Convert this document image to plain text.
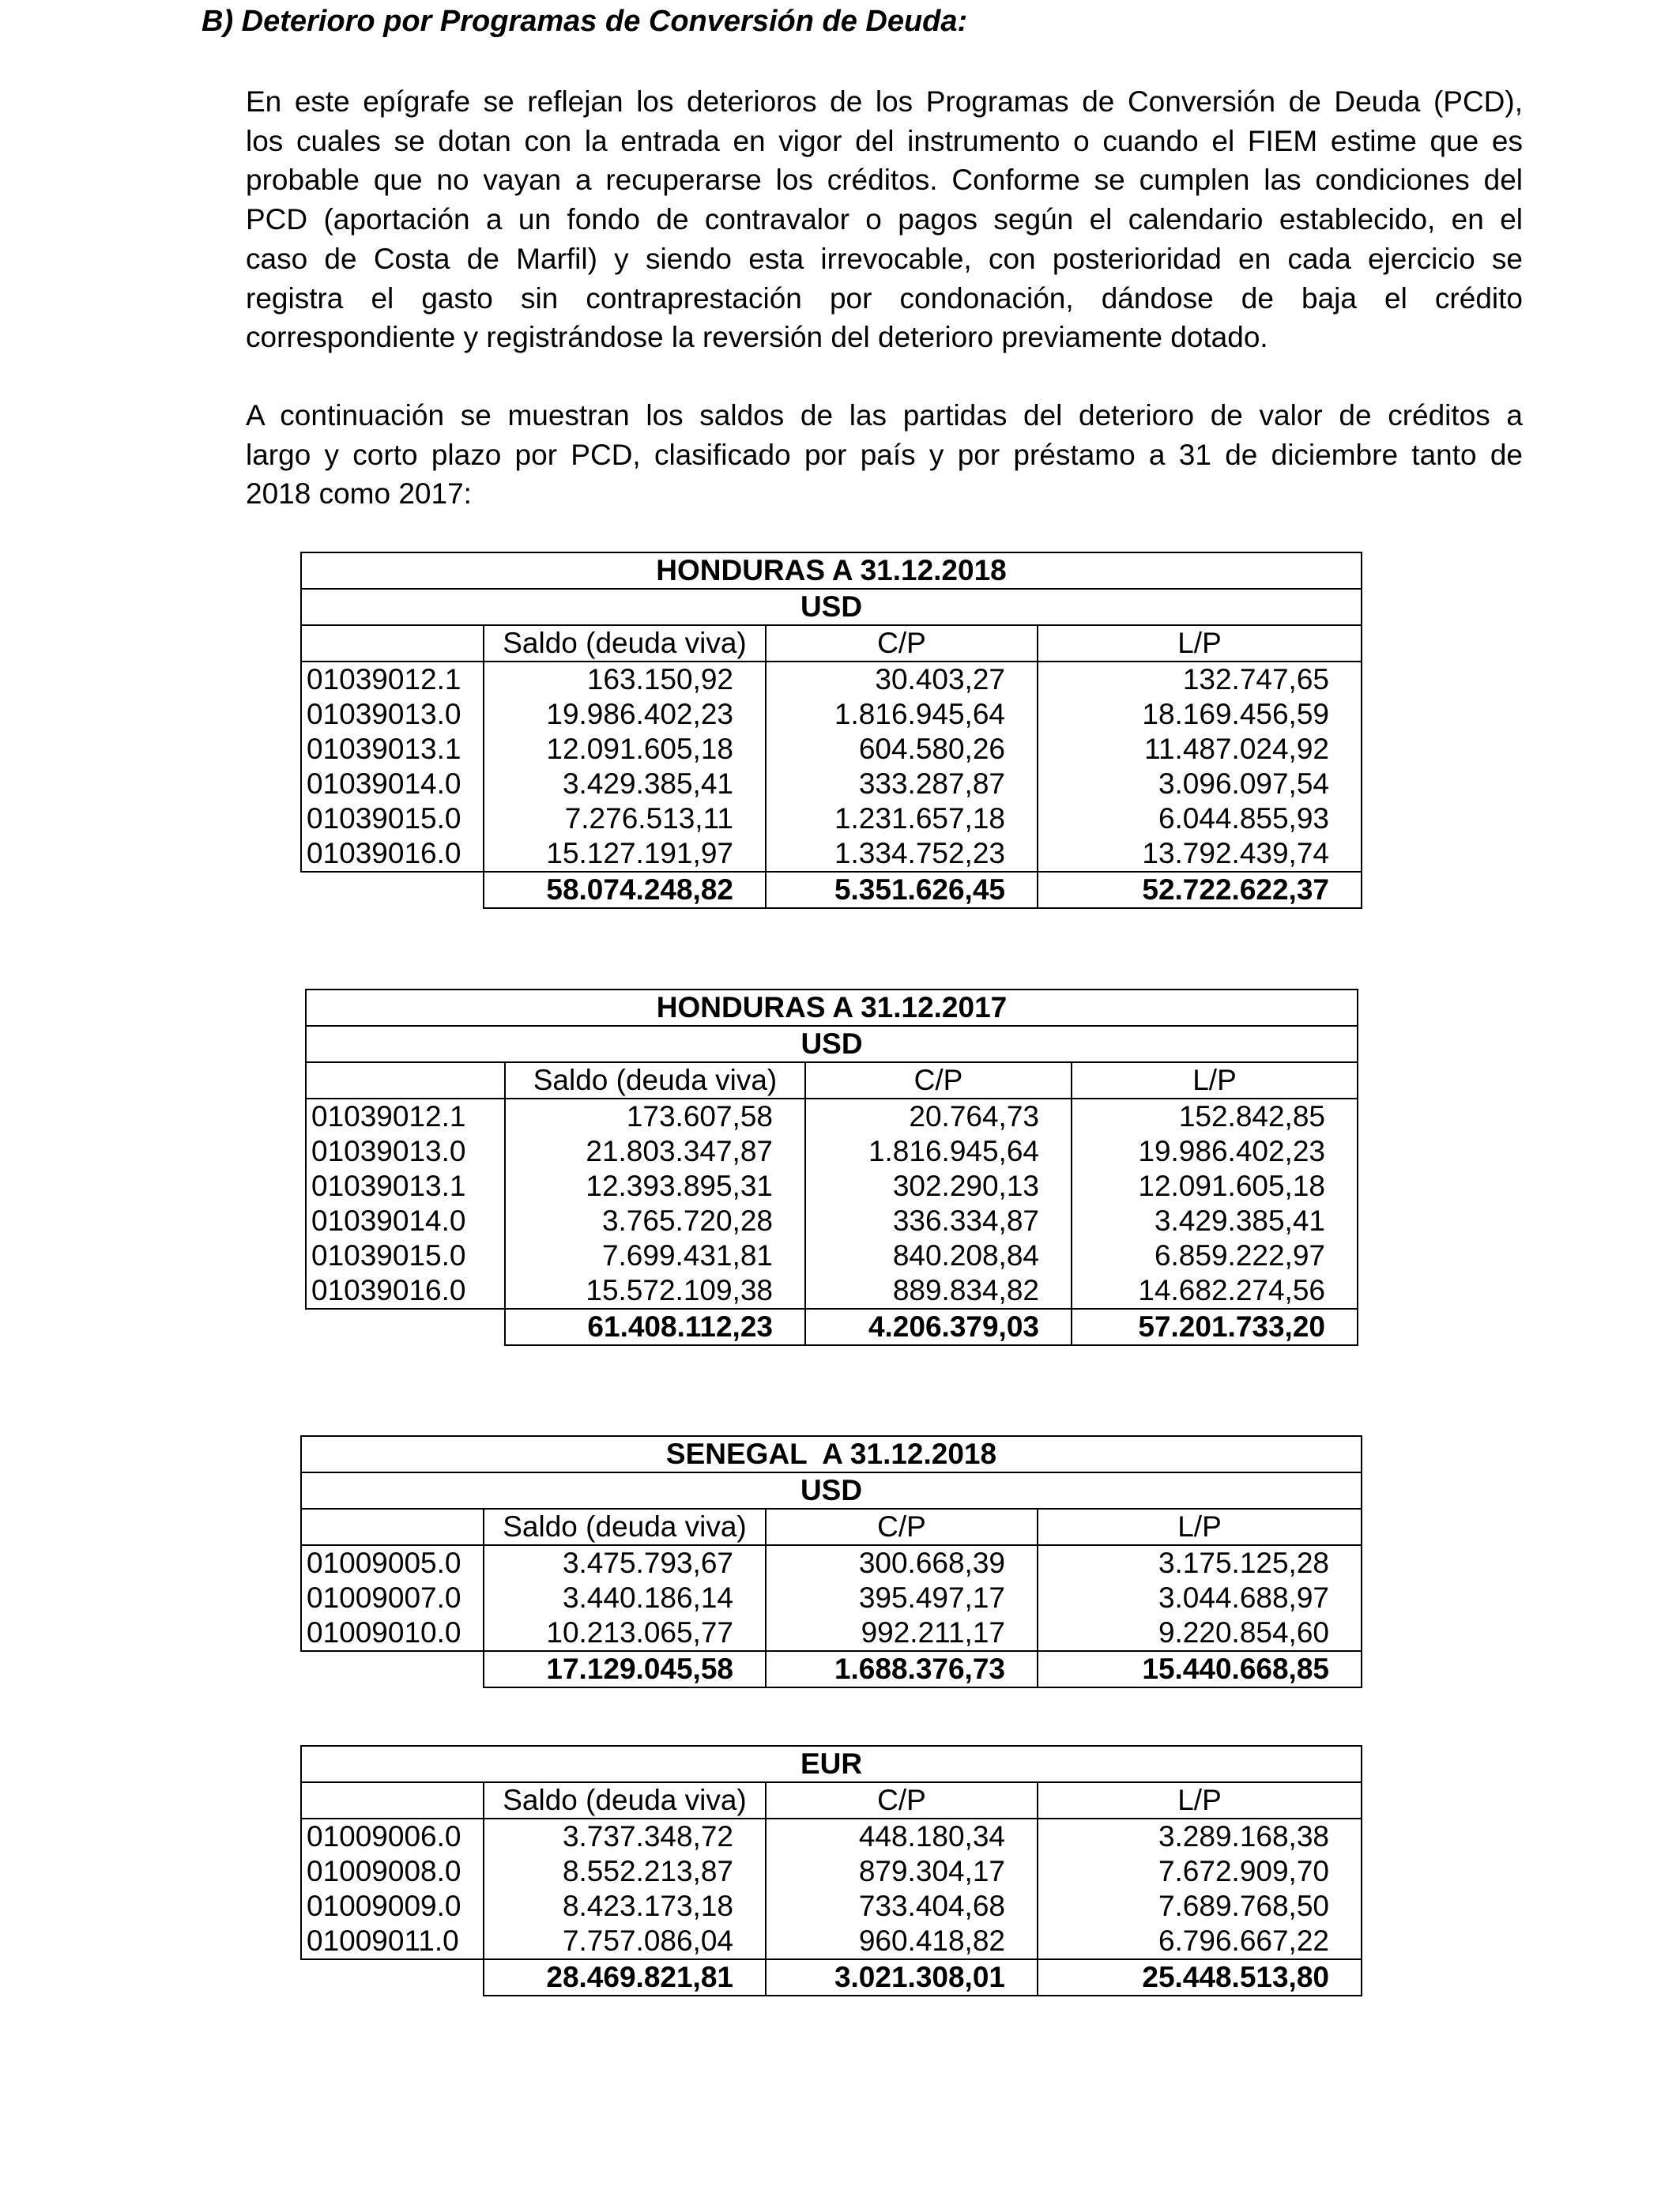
B) Deterioro por Programas de Conversión de Deuda:

En este epígrafe se reflejan los deterioros de los Programas de Conversión de Deuda (PCD),
los cuales se dotan con la entrada en vigor del instrumento o cuando el FIEM estime que es
probable que no vayan a recuperarse los créditos. Conforme se cumplen las condiciones del
PCD (aportación a un fondo de contravalor o pagos según el calendario establecido, en el
caso de Costa de Marfil) y siendo esta irrevocable, con posterioridad en cada ejercicio se
registra el gasto sin contraprestación por condonación, dándose de baja el crédito
correspondiente y registrándose la reversión del deterioro previamente dotado.

A continuación se muestran los saldos de las partidas del deterioro de valor de créditos a
largo y corto plazo por PCD, clasificado por país y por préstamo a 31 de diciembre tanto de
2018 como 2017:

HONDURAS A 31.12.2018			
USD			
	Saldo (deuda viva)	C/P	L/P
01039012.1	163.150,92	30.403,27	132.747,65
01039013.0	19.986.402,23	1.816.945,64	18.169.456,59
01039013.1	12.091.605,18	604.580,26	11.487.024,92
01039014.0	3.429.385,41	333.287,87	3.096.097,54
01039015.0	7.276.513,11	1.231.657,18	6.044.855,93
01039016.0	15.127.191,97	1.334.752,23	13.792.439,74
	58.074.248,82	5.351.626,45	52.722.622,37
HONDURAS A 31.12.2017			
USD			
	Saldo (deuda viva)	C/P	L/P
01039012.1	173.607,58	20.764,73	152.842,85
01039013.0	21.803.347,87	1.816.945,64	19.986.402,23
01039013.1	12.393.895,31	302.290,13	12.091.605,18
01039014.0	3.765.720,28	336.334,87	3.429.385,41
01039015.0	7.699.431,81	840.208,84	6.859.222,97
01039016.0	15.572.109,38	889.834,82	14.682.274,56
	61.408.112,23	4.206.379,03	57.201.733,20
SENEGAL  A 31.12.2018			
USD			
	Saldo (deuda viva)	C/P	L/P
01009005.0	3.475.793,67	300.668,39	3.175.125,28
01009007.0	3.440.186,14	395.497,17	3.044.688,97
01009010.0	10.213.065,77	992.211,17	9.220.854,60
	17.129.045,58	1.688.376,73	15.440.668,85
EUR			
	Saldo (deuda viva)	C/P	L/P
01009006.0	3.737.348,72	448.180,34	3.289.168,38
01009008.0	8.552.213,87	879.304,17	7.672.909,70
01009009.0	8.423.173,18	733.404,68	7.689.768,50
01009011.0	7.757.086,04	960.418,82	6.796.667,22
	28.469.821,81	3.021.308,01	25.448.513,80
